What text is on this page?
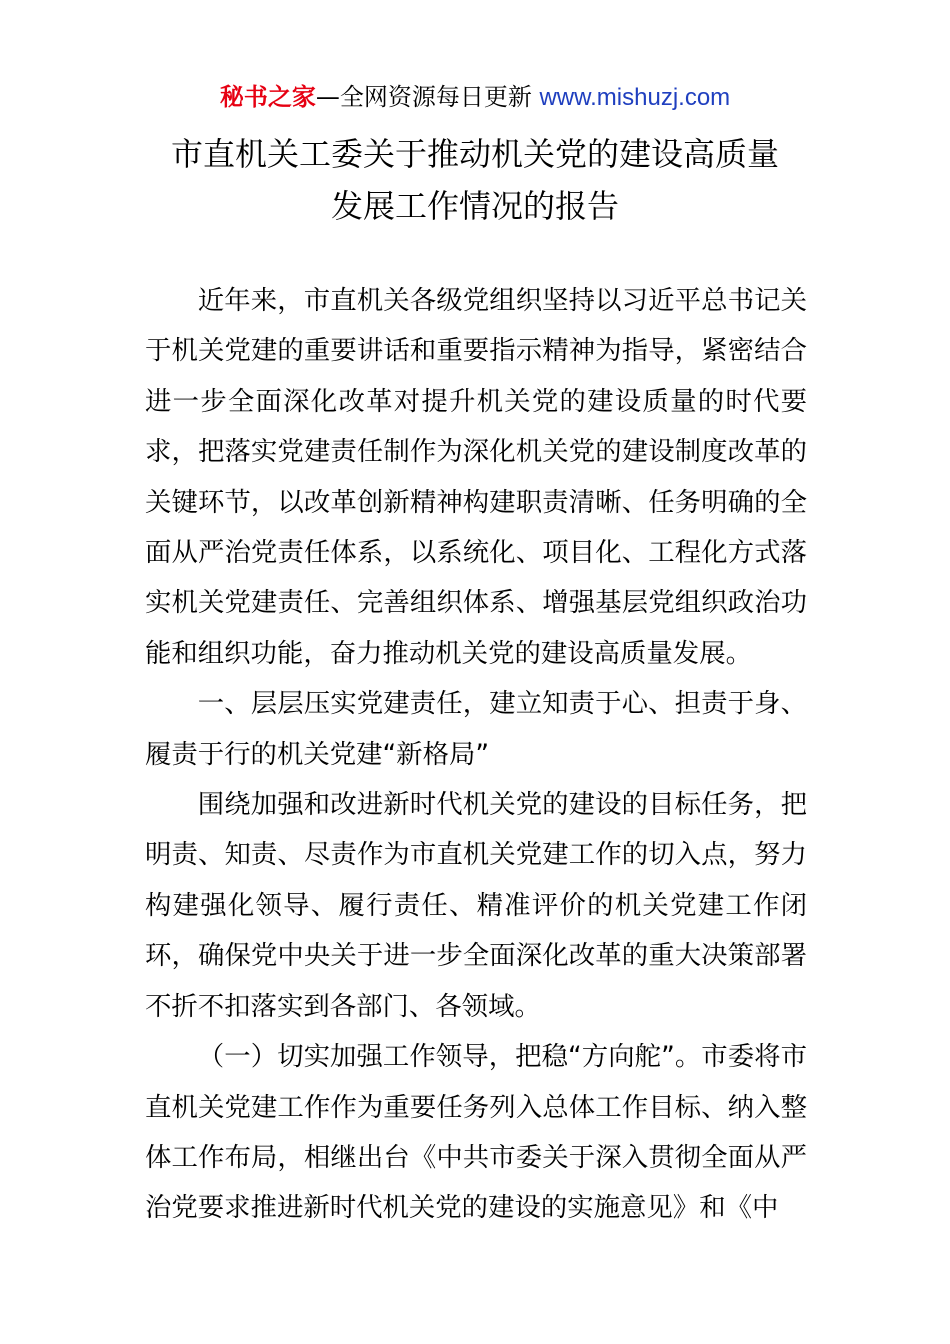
秘书之家—全网资源每日更新 www.mishuzj.com
市直机关工委关于推动机关党的建设高质量
发展工作情况的报告

近年来，市直机关各级党组织坚持以习近平总书记关于机关党建的重要讲话和重要指示精神为指导，紧密结合进一步全面深化改革对提升机关党的建设质量的时代要求，把落实党建责任制作为深化机关党的建设制度改革的关键环节，以改革创新精神构建职责清晰、任务明确的全面从严治党责任体系，以系统化、项目化、工程化方式落实机关党建责任、完善组织体系、增强基层党组织政治功能和组织功能，奋力推动机关党的建设高质量发展。

一、层层压实党建责任，建立知责于心、担责于身、履责于行的机关党建“新格局”

围绕加强和改进新时代机关党的建设的目标任务，把明责、知责、尽责作为市直机关党建工作的切入点，努力构建强化领导、履行责任、精准评价的机关党建工作闭环，确保党中央关于进一步全面深化改革的重大决策部署不折不扣落实到各部门、各领域。

（一）切实加强工作领导，把稳“方向舵”。市委将市直机关党建工作作为重要任务列入总体工作目标、纳入整体工作布局，相继出台《中共市委关于深入贯彻全面从严治党要求推进新时代机关党的建设的实施意见》和《中
